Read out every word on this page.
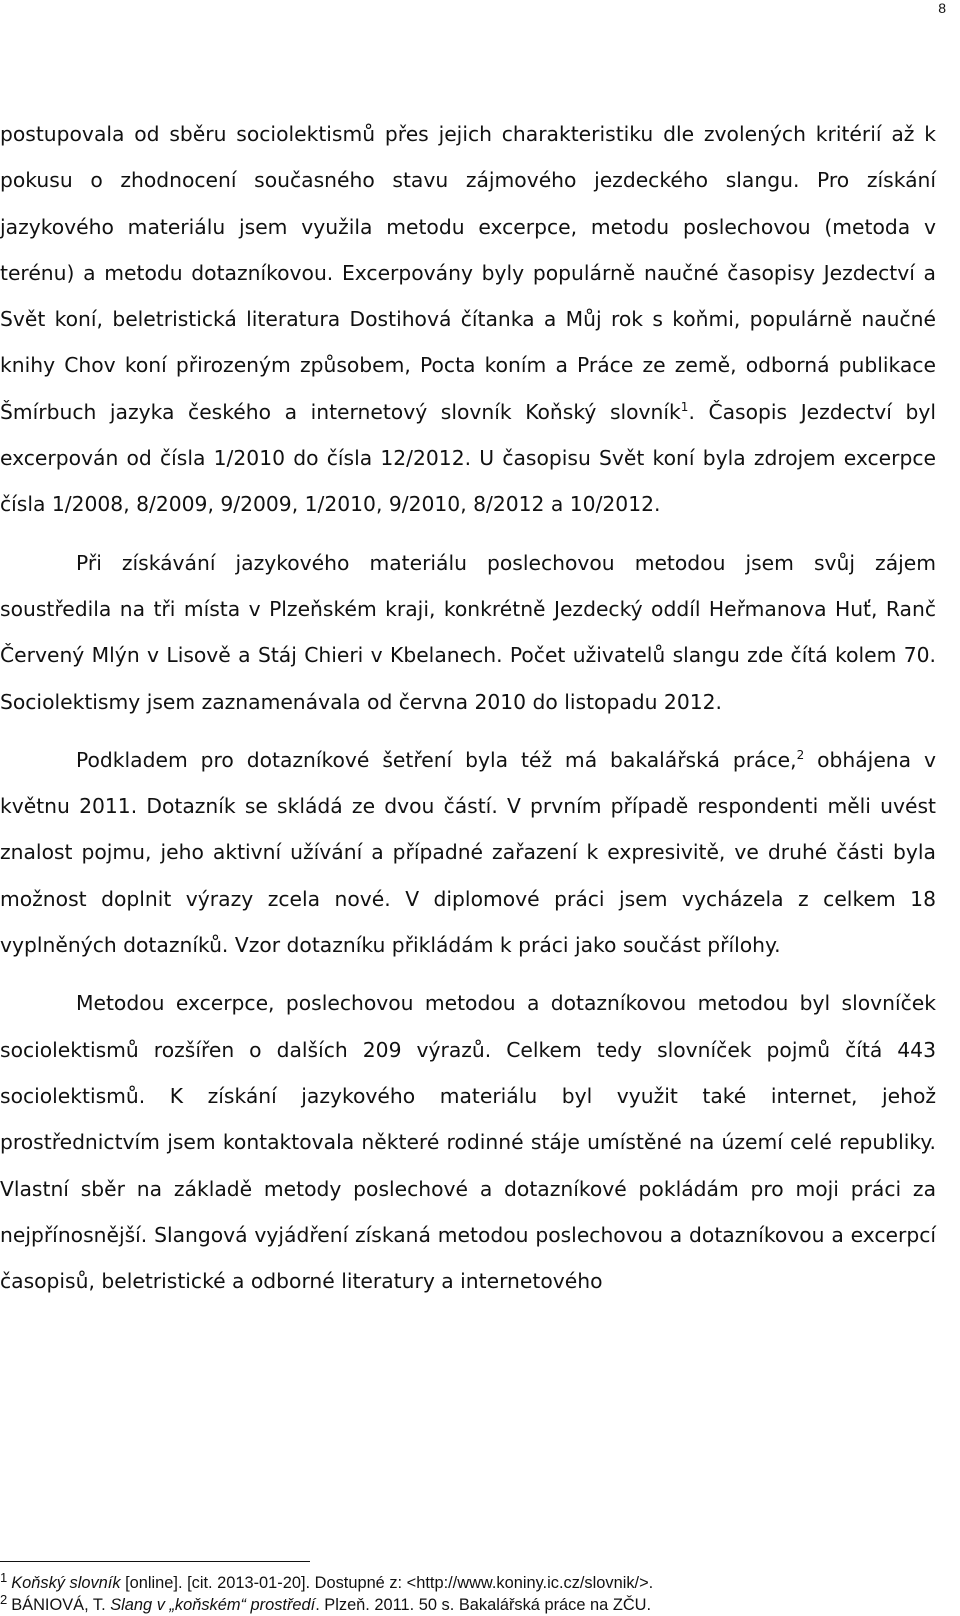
8

postupovala od sběru sociolektismů přes jejich charakteristiku dle zvolených kritérií až k pokusu o zhodnocení současného stavu zájmového jezdeckého slangu. Pro získání jazykového materiálu jsem využila metodu excerpce, metodu poslechovou (metoda v terénu) a metodu dotazníkovou. Excerpovány byly populárně naučné časopisy Jezdectví a Svět koní, beletristická literatura Dostihová čítanka a Můj rok s koňmi, populárně naučné knihy Chov koní přirozeným způsobem, Pocta koním a Práce ze země, odborná publikace Šmírbuch jazyka českého a internetový slovník Koňský slovník$^1$. Časopis Jezdectví byl excerpován od čísla 1/2010 do čísla 12/2012. U časopisu Svět koní byla zdrojem excerpce čísla 1/2008, 8/2009, 9/2009, 1/2010, 9/2010, 8/2012 a 10/2012.

Při získávání jazykového materiálu poslechovou metodou jsem svůj zájem soustředila na tři místa v Plzeňském kraji, konkrétně Jezdecký oddíl Heřmanova Huť, Ranč Červený Mlýn v Lisově a Stáj Chieri v Kbelanech. Počet uživatelů slangu zde čítá kolem 70. Sociolektismy jsem zaznamenávala od června 2010 do listopadu 2012.

Podkladem pro dotazníkové šetření byla též má bakalářská práce,$^2$ obhájena v květnu 2011. Dotazník se skládá ze dvou částí. V prvním případě respondenti měli uvést znalost pojmu, jeho aktivní užívání a případné zařazení k expresivitě, ve druhé části byla možnost doplnit výrazy zcela nové. V diplomové práci jsem vycházela z celkem 18 vyplněných dotazníků. Vzor dotazníku přikládám k práci jako součást přílohy.

Metodou excerpce, poslechovou metodou a dotazníkovou metodou byl slovníček sociolektismů rozšířen o dalších 209 výrazů. Celkem tedy slovníček pojmů čítá 443 sociolektismů. K získání jazykového materiálu byl využit také internet, jehož prostřednictvím jsem kontaktovala některé rodinné stáje umístěné na území celé republiky. Vlastní sběr na základě metody poslechové a dotazníkové pokládám pro moji práci za nejpřínosnější. Slangová vyjádření získaná metodou poslechovou a dotazníkovou a excerpcí časopisů, beletristické a odborné literatury a internetového

$^1$ Koňský slovník [online]. [cit. 2013-01-20]. Dostupné z: <http://www.koniny.ic.cz/slovnik/>.
$^2$ BÁNIOVÁ, T. Slang v „koňském“ prostředí. Plzeň. 2011. 50 s. Bakalářská práce na ZČU.
